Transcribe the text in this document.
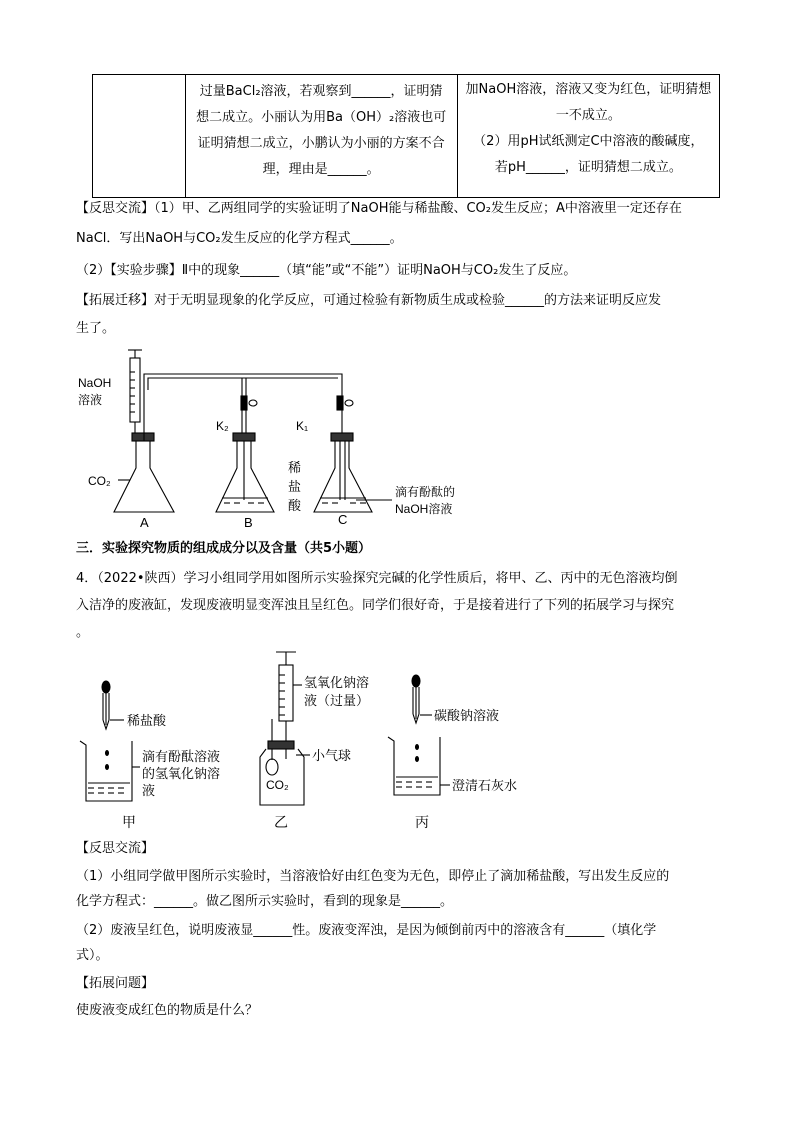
过量BaCl₂溶液，若观察到______，证明猜
想二成立。小丽认为用Ba（OH）₂溶液也可
证明猜想二成立，小鹏认为小丽的方案不合
理，理由是______。

加NaOH溶液，溶液又变为红色，证明猜想
一不成立。
（2）用pH试纸测定C中溶液的酸碱度，
若pH______，证明猜想二成立。
【反思交流】（1）甲、乙两组同学的实验证明了NaOH能与稀盐酸、CO₂发生反应；A中溶液里一定还存在
NaCl．写出NaOH与CO₂发生反应的化学方程式______。
（2）【实验步骤】Ⅱ中的现象______（填“能”或“不能”）证明NaOH与CO₂发生了反应。
【拓展迁移】对于无明显现象的化学反应，可通过检验有新物质生成或检验______的方法来证明反应发
生了。
NaOH
溶液
K₂	K₁
CO₂
稀
盐
酸
滴有酚酞的
NaOH溶液
A	B	C
三．实验探究物质的组成成分以及含量（共5小题）
4．（2022•陕西）学习小组同学用如图所示实验探究完碱的化学性质后，将甲、乙、丙中的无色溶液均倒
入洁净的废液缸，发现废液明显变浑浊且呈红色。同学们很好奇，于是接着进行了下列的拓展学习与探究
。
稀盐酸
滴有酚酞溶液
的氢氧化钠溶
液
氢氧化钠溶
液（过量）
小气球
CO₂
碳酸钠溶液
澄清石灰水
甲	乙	丙
【反思交流】
（1）小组同学做甲图所示实验时，当溶液恰好由红色变为无色，即停止了滴加稀盐酸，写出发生反应的
化学方程式：______。做乙图所示实验时，看到的现象是______。
（2）废液呈红色，说明废液显______性。废液变浑浊，是因为倾倒前丙中的溶液含有______（填化学
式）。
【拓展问题】
使废液变成红色的物质是什么？
